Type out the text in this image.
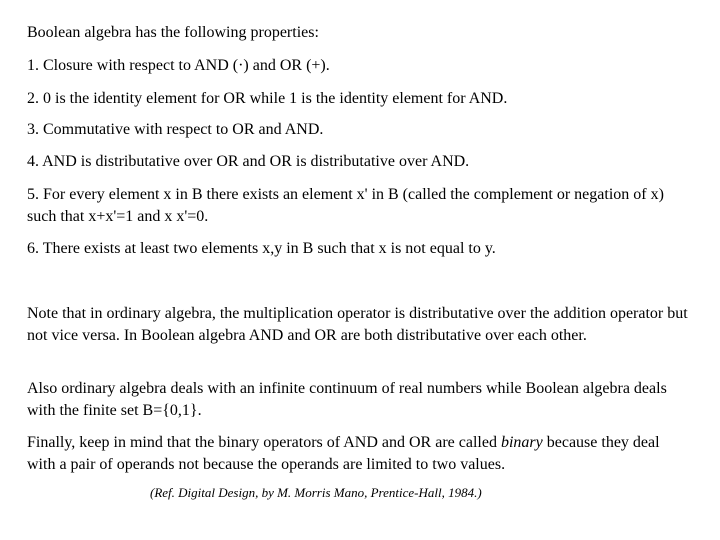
Boolean algebra has the following properties:

1. Closure with respect to AND (·) and OR (+).

2. 0 is the identity element for OR while 1 is the identity element for AND.

3. Commutative with respect to OR and AND.

4. AND is distributative over OR and OR is distributative over AND.

5. For every element x in B there exists an element x' in B (called the complement or negation of x) such that x+x'=1 and x x'=0.

6. There exists at least two elements x,y in B such that x is not equal to y.

Note that in ordinary algebra, the multiplication operator is distributative over the addition operator but not vice versa. In Boolean algebra AND and OR are both distributative over each other.

Also ordinary algebra deals with an infinite continuum of real numbers while Boolean algebra deals with the finite set B={0,1}.

Finally, keep in mind that the binary operators of AND and OR are called binary because they deal with a pair of operands not because the operands are limited to two values.

(Ref. Digital Design, by M. Morris Mano, Prentice-Hall, 1984.)
